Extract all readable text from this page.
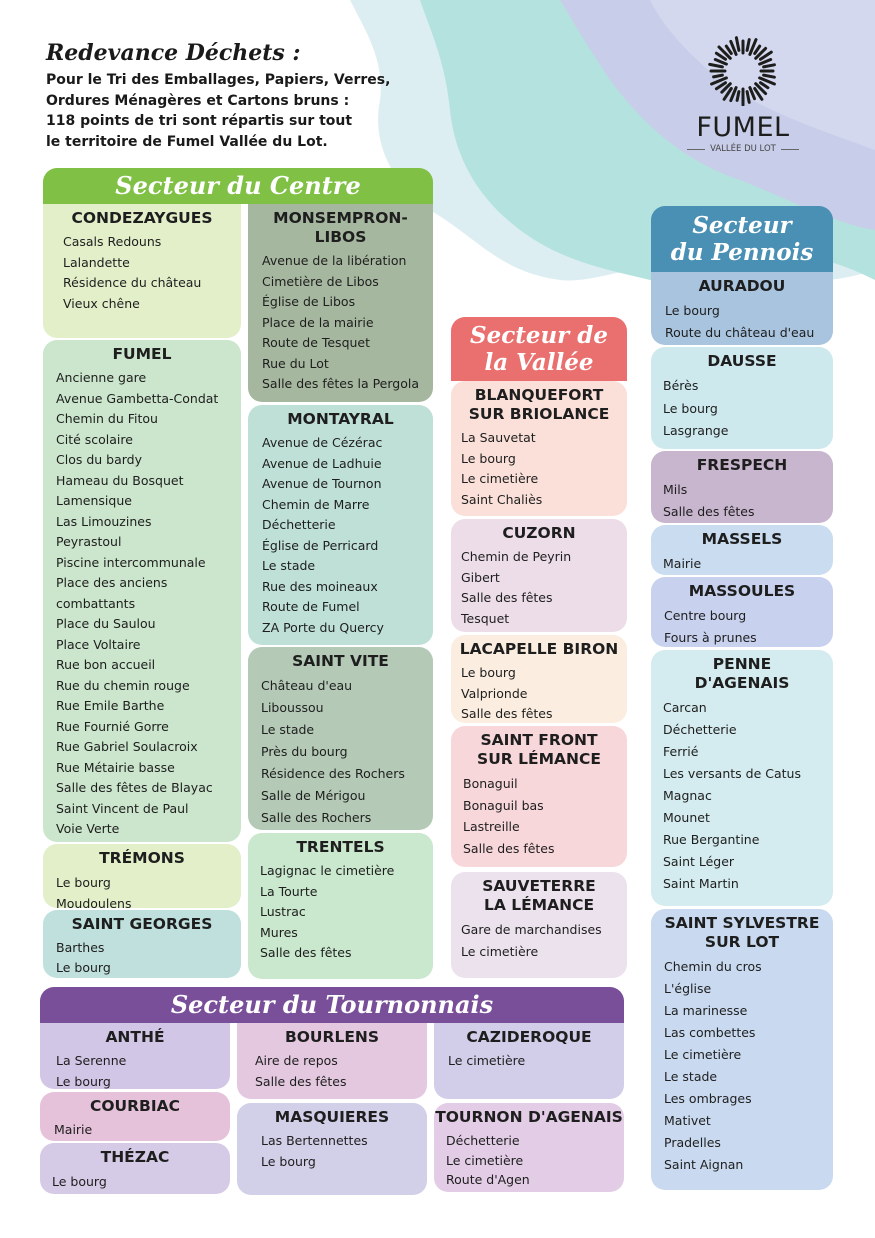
Redevance Déchets :
Pour le Tri des Emballages, Papiers, Verres,
Ordures Ménagères et Cartons bruns :
118 points de tri sont répartis sur tout
le territoire de Fumel Vallée du Lot.	FUMEL
VALLÉE DU LOT
Secteur du Centre
Secteur de
la Vallée
Secteur
du Pennois
Secteur du Tournonnais
CONDEZAYGUES
Casals Redouns
Lalandette
Résidence du château
Vieux chêne
MONSEMPRON-
LIBOS
Avenue de la libération
Cimetière de Libos
Église de Libos
Place de la mairie
Route de Tesquet
Rue du Lot
Salle des fêtes la Pergola
FUMEL
Ancienne gare
Avenue Gambetta-Condat
Chemin du Fitou
Cité scolaire
Clos du bardy
Hameau du Bosquet
Lamensique
Las Limouzines
Peyrastoul
Piscine intercommunale
Place des anciens
combattants
Place du Saulou
Place Voltaire
Rue bon accueil
Rue du chemin rouge
Rue Emile Barthe
Rue Fournié Gorre
Rue Gabriel Soulacroix
Rue Métairie basse
Salle des fêtes de Blayac
Saint Vincent de Paul
Voie Verte
MONTAYRAL
Avenue de Cézérac
Avenue de Ladhuie
Avenue de Tournon
Chemin de Marre
Déchetterie
Église de Perricard
Le stade
Rue des moineaux
Route de Fumel
ZA Porte du Quercy
SAINT VITE
Château d'eau
Liboussou
Le stade
Près du bourg
Résidence des Rochers
Salle de Mérigou
Salle des Rochers
TRÉMONS
Le bourg
Moudoulens
TRENTELS
Lagignac le cimetière
La Tourte
Lustrac
Mures
Salle des fêtes
SAINT GEORGES
Barthes
Le bourg
BLANQUEFORT
SUR BRIOLANCE
La Sauvetat
Le bourg
Le cimetière
Saint Chaliès
CUZORN
Chemin de Peyrin
Gibert
Salle des fêtes
Tesquet
LACAPELLE BIRON
Le bourg
Valprionde
Salle des fêtes
SAINT FRONT
SUR LÉMANCE
Bonaguil
Bonaguil bas
Lastreille
Salle des fêtes
SAUVETERRE
LA LÉMANCE
Gare de marchandises
Le cimetière
AURADOU
Le bourg
Route du château d'eau
DAUSSE
Bérès
Le bourg
Lasgrange
FRESPECH
Mils
Salle des fêtes
MASSELS
Mairie
MASSOULES
Centre bourg
Fours à prunes
PENNE
D'AGENAIS
Carcan
Déchetterie
Ferrié
Les versants de Catus
Magnac
Mounet
Rue Bergantine
Saint Léger
Saint Martin
SAINT SYLVESTRE
SUR LOT
Chemin du cros
L'église
La marinesse
Las combettes
Le cimetière
Le stade
Les ombrages
Mativet
Pradelles
Saint Aignan
ANTHÉ
La Serenne
Le bourg
BOURLENS
Aire de repos
Salle des fêtes
CAZIDEROQUE
Le cimetière
COURBIAC
Mairie
MASQUIERES
Las Bertennettes
Le bourg
TOURNON D'AGENAIS
Déchetterie
Le cimetière
Route d'Agen
THÉZAC
Le bourg
